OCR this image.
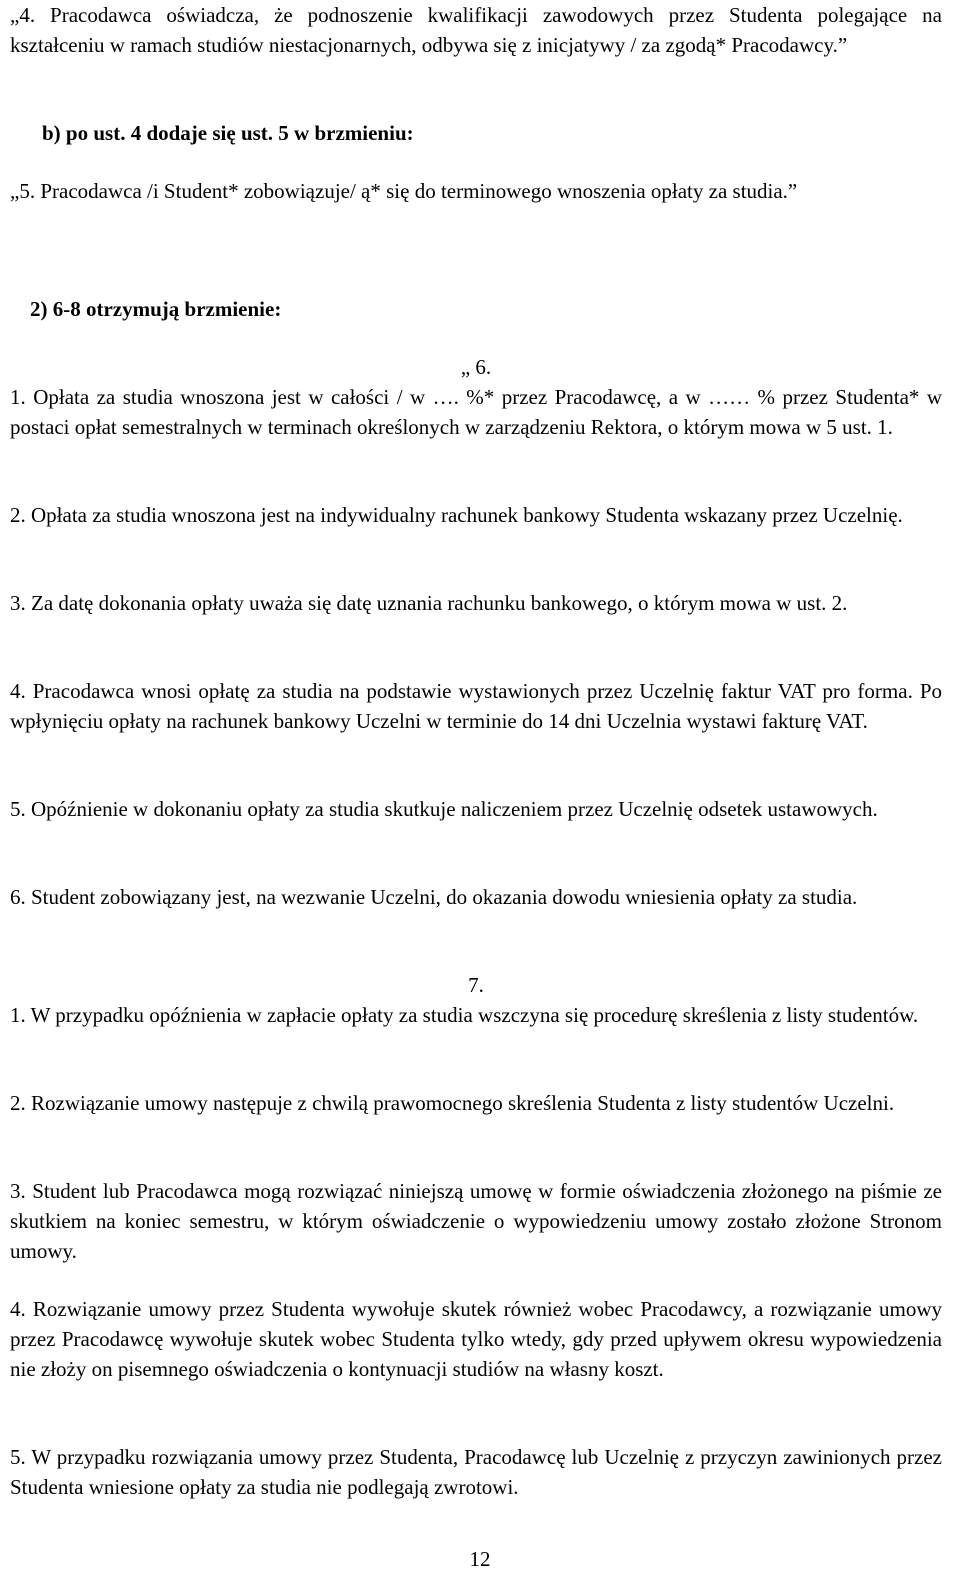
„4. Pracodawca oświadcza, że podnoszenie kwalifikacji zawodowych przez Studenta polegające na kształceniu w ramach studiów niestacjonarnych, odbywa się z inicjatywy / za zgodą* Pracodawcy.”

b) po ust. 4 dodaje się ust. 5 w brzmieniu:

„5. Pracodawca /i Student* zobowiązuje/ ą* się do terminowego wnoszenia opłaty za studia.”

2) 6-8 otrzymują brzmienie:

„ 6.

1. Opłata za studia wnoszona jest w całości / w …. %* przez Pracodawcę, a w …… % przez Studenta* w postaci opłat semestralnych w terminach określonych w zarządzeniu Rektora, o którym mowa w 5 ust. 1.

2. Opłata za studia wnoszona jest na indywidualny rachunek bankowy Studenta wskazany przez Uczelnię.

3. Za datę dokonania opłaty uważa się datę uznania rachunku bankowego, o którym mowa w ust. 2.

4. Pracodawca wnosi opłatę za studia na podstawie wystawionych przez Uczelnię faktur VAT pro forma. Po wpłynięciu opłaty na rachunek bankowy Uczelni w terminie do 14 dni Uczelnia wystawi fakturę VAT.

5. Opóźnienie w dokonaniu opłaty za studia skutkuje naliczeniem przez Uczelnię odsetek ustawowych.

6. Student zobowiązany jest, na wezwanie Uczelni, do okazania dowodu wniesienia opłaty za studia.

7.

1. W przypadku opóźnienia w zapłacie opłaty za studia wszczyna się procedurę skreślenia z listy studentów.

2. Rozwiązanie umowy następuje z chwilą prawomocnego skreślenia Studenta z listy studentów Uczelni.

3. Student lub Pracodawca mogą rozwiązać niniejszą umowę w formie oświadczenia złożonego na piśmie ze skutkiem na koniec semestru, w którym oświadczenie o wypowiedzeniu umowy zostało złożone Stronom umowy.

4. Rozwiązanie umowy przez Studenta wywołuje skutek również wobec Pracodawcy, a rozwiązanie umowy przez Pracodawcę wywołuje skutek wobec Studenta tylko wtedy, gdy przed upływem okresu wypowiedzenia nie złoży on pisemnego oświadczenia o kontynuacji studiów na własny koszt.

5. W przypadku rozwiązania umowy przez Studenta, Pracodawcę lub Uczelnię z przyczyn zawinionych przez Studenta wniesione opłaty za studia nie podlegają zwrotowi.

12
